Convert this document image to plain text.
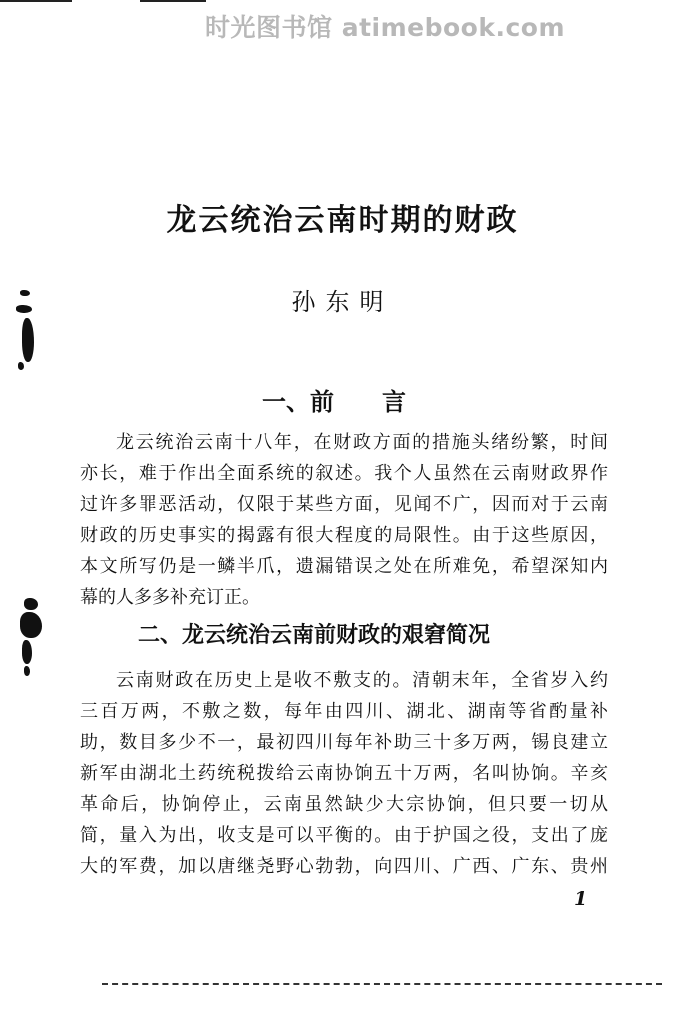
时光图书馆 atimebook.com
龙云统治云南时期的财政
孙东明
一、前 言
龙云统治云南十八年，在财政方面的措施头绪纷繁，时间
亦长，难于作出全面系统的叙述。我个人虽然在云南财政界作
过许多罪恶活动，仅限于某些方面，见闻不广，因而对于云南
财政的历史事实的揭露有很大程度的局限性。由于这些原因，
本文所写仍是一鳞半爪，遗漏错误之处在所难免，希望深知内
幕的人多多补充订正。
二、龙云统治云南前财政的艰窘简况
云南财政在历史上是收不敷支的。清朝末年，全省岁入约
三百万两，不敷之数，每年由四川、湖北、湖南等省酌量补
助，数目多少不一，最初四川每年补助三十多万两，锡良建立
新军由湖北土药统税拨给云南协饷五十万两，名叫协饷。辛亥
革命后，协饷停止，云南虽然缺少大宗协饷，但只要一切从
简，量入为出，收支是可以平衡的。由于护国之役，支出了庞
大的军费，加以唐继尧野心勃勃，向四川、广西、广东、贵州
1
